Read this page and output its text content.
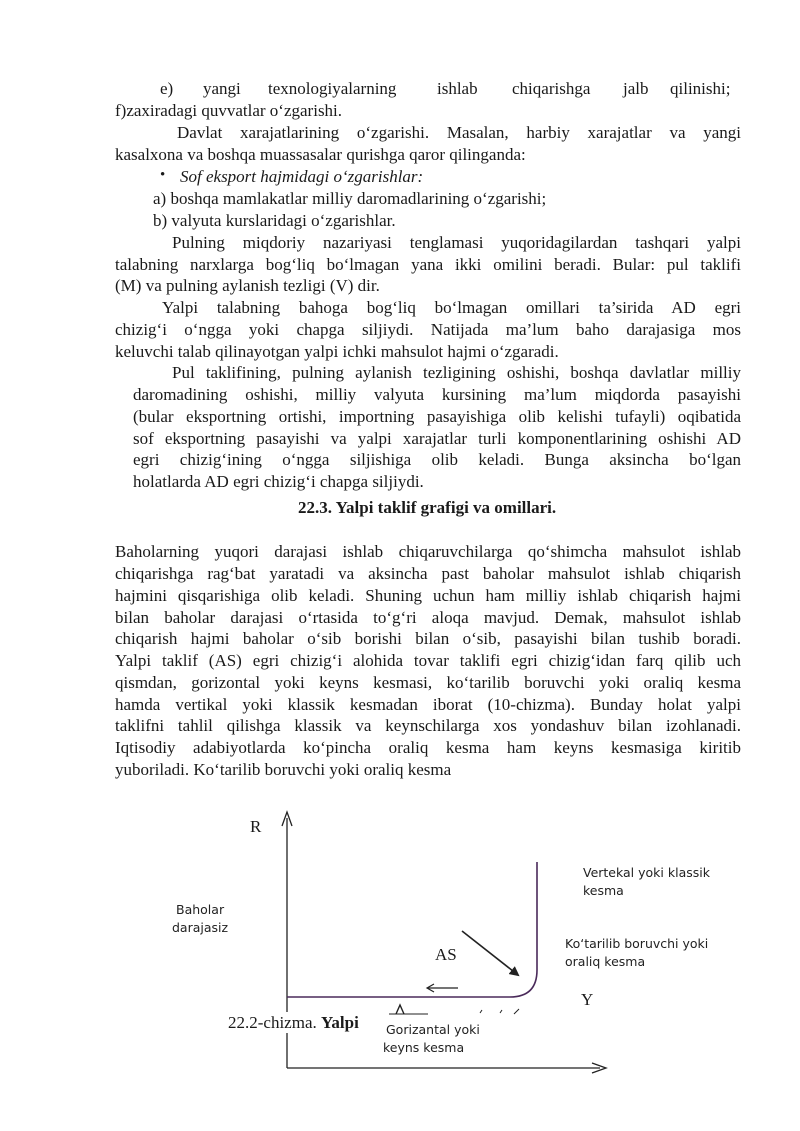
e) yangi texnologiyalarning ishlab chiqarishga jalb qilinishi;
f)zaxiradagi quvvatlar o‘zgarishi.
Davlat xarajatlarining o‘zgarishi. Masalan, harbiy xarajatlar va yangi
kasalxona va boshqa muassasalar qurishga qaror qilinganda:
• Sof eksport hajmidagi o‘zgarishlar:
a) boshqa mamlakatlar milliy daromadlarining o‘zgarishi;
b) valyuta kurslaridagi o‘zgarishlar.
Pulning miqdoriy nazariyasi tenglamasi yuqoridagilardan tashqari yalpi
talabning narxlarga bog‘liq bo‘lmagan yana ikki omilini beradi. Bular: pul taklifi
(M) va pulning aylanish tezligi (V) dir.
Yalpi talabning bahoga bog‘liq bo‘lmagan omillari ta’sirida AD egri
chizig‘i o‘ngga yoki chapga siljiydi. Natijada ma’lum baho darajasiga mos
keluvchi talab qilinayotgan yalpi ichki mahsulot hajmi o‘zgaradi.
Pul taklifining, pulning aylanish tezligining oshishi, boshqa davlatlar milliy
daromadining oshishi, milliy valyuta kursining ma’lum miqdorda pasayishi
(bular eksportning ortishi, importning pasayishiga olib kelishi tufayli) oqibatida
sof eksportning pasayishi va yalpi xarajatlar turli komponentlarining oshishi AD
egri chizig‘ining o‘ngga siljishiga olib keladi. Bunga aksincha bo‘lgan
holatlarda AD egri chizig‘i chapga siljiydi.
22.3. Yalpi taklif grafigi va omillari.
Baholarning yuqori darajasi ishlab chiqaruvchilarga qo‘shimcha mahsulot ishlab
chiqarishga rag‘bat yaratadi va aksincha past baholar mahsulot ishlab chiqarish
hajmini qisqarishiga olib keladi. Shuning uchun ham milliy ishlab chiqarish hajmi
bilan baholar darajasi o‘rtasida to‘g‘ri aloqa mavjud. Demak, mahsulot ishlab
chiqarish hajmi baholar o‘sib borishi bilan o‘sib, pasayishi bilan tushib boradi.
Yalpi taklif (AS) egri chizig‘i alohida tovar taklifi egri chizig‘idan farq qilib uch
qismdan, gorizontal yoki keyns kesmasi, ko‘tarilib boruvchi yoki oraliq kesma
hamda vertikal yoki klassik kesmadan iborat (10-chizma). Bunday holat yalpi
taklifni tahlil qilishga klassik va keynschilarga xos yondashuv bilan izohlanadi.
Iqtisodiy adabiyotlarda ko‘pincha oraliq kesma ham keyns kesmasiga kiritib
yuboriladi. Ko‘tarilib boruvchi yoki oraliq kesma
R
Y
Baholar
darajasiz
AS
Vertekal yoki klassik
kesma
Ko‘tarilib boruvchi yoki
oraliq kesma
22.2-chizma. Yalpi Gorizantal yoki
keyns kesma
